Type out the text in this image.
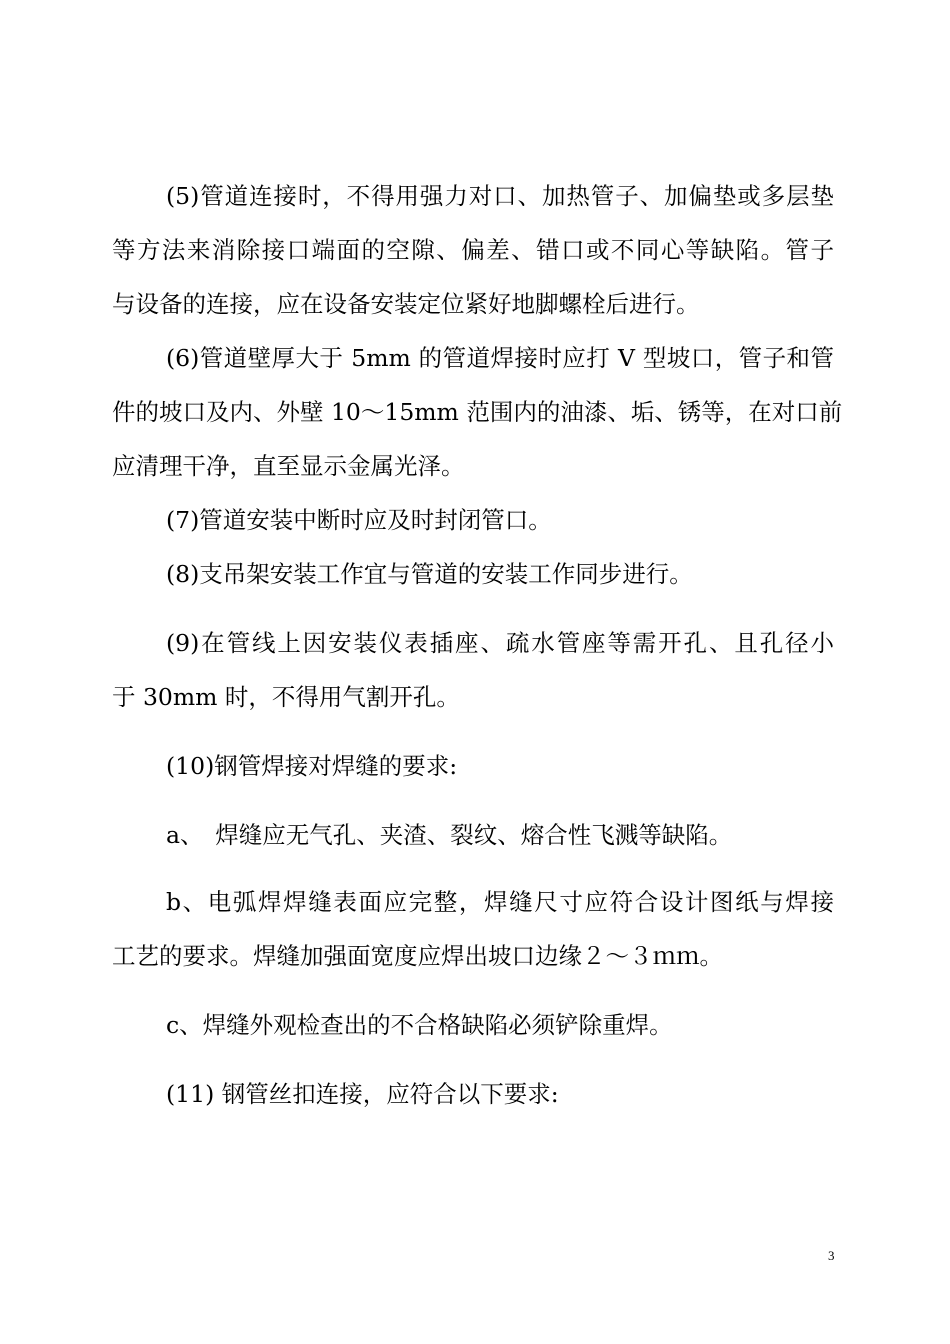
(5)管道连接时，不得用强力对口、加热管子、加偏垫或多层垫
等方法来消除接口端面的空隙、偏差、错口或不同心等缺陷。管子
与设备的连接，应在设备安装定位紧好地脚螺栓后进行。
(6)管道壁厚大于 5mm 的管道焊接时应打 V 型坡口，管子和管
件的坡口及内、外壁 10～15mm 范围内的油漆、垢、锈等，在对口前
应清理干净，直至显示金属光泽。
(7)管道安装中断时应及时封闭管口。
(8)支吊架安装工作宜与管道的安装工作同步进行。
(9)在管线上因安装仪表插座、疏水管座等需开孔、且孔径小
于 30mm 时，不得用气割开孔。
(10)钢管焊接对焊缝的要求:
a、　焊缝应无气孔、夹渣、裂纹、熔合性飞溅等缺陷。
b、电弧焊焊缝表面应完整，焊缝尺寸应符合设计图纸与焊接
工艺的要求。焊缝加强面宽度应焊出坡口边缘２～３ｍｍ。
c、焊缝外观检查出的不合格缺陷必须铲除重焊。
(11) 钢管丝扣连接，应符合以下要求:
3
